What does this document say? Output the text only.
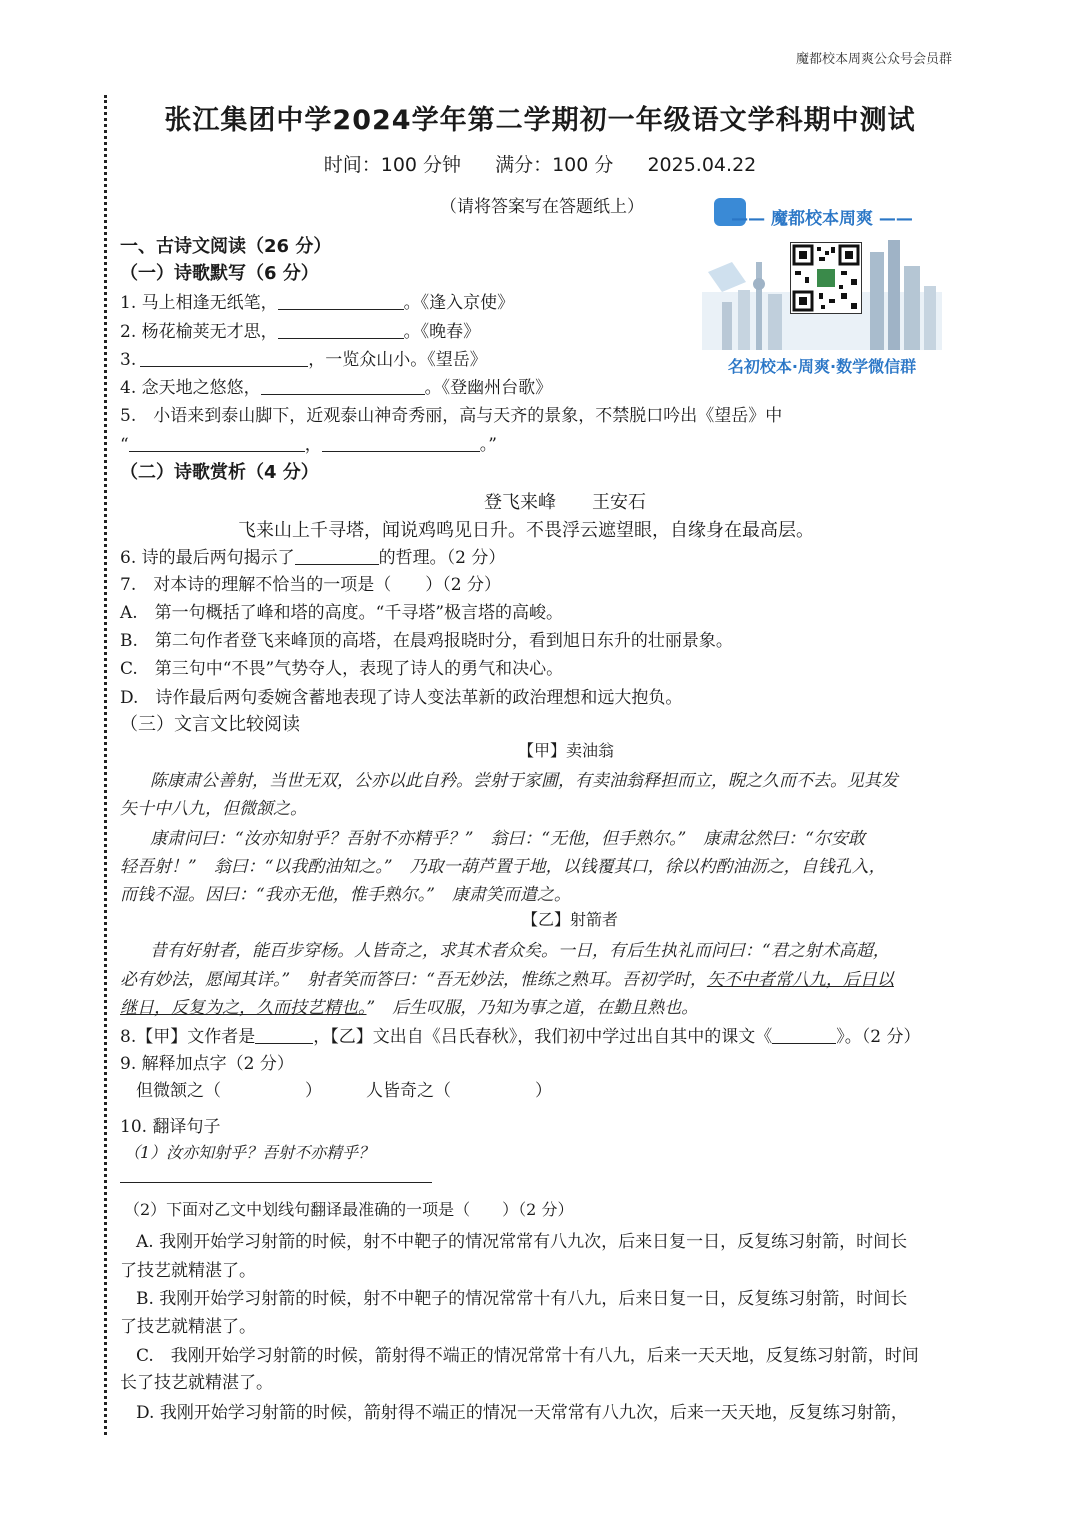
魔都校本周爽公众号会员群
张江集团中学2024学年第二学期初一年级语文学科期中测试
时间：100 分钟 满分：100 分 2025.04.22
（请将答案写在答题纸上）
—— 魔都校本周爽 ——
名初校本·周爽·数学微信群
一、古诗文阅读（26 分）
（一）诗歌默写（6 分）
1. 马上相逢无纸笔，	。《逢入京使》
2. 杨花榆荚无才思，	。《晚春》
3.	，一览众山小。《望岳》
4. 念天地之悠悠，	。《登幽州台歌》
5.　小语来到泰山脚下，近观泰山神奇秀丽，高与天齐的景象，不禁脱口吟出《望岳》中
“	，	。”
（二）诗歌赏析（4 分）
登飞来峰　　王安石
飞来山上千寻塔，闻说鸡鸣见日升。不畏浮云遮望眼，自缘身在最高层。
6. 诗的最后两句揭示了	的哲理。（2 分）
7.　对本诗的理解不恰当的一项是（　　）（2 分）
A.　第一句概括了峰和塔的高度。“千寻塔”极言塔的高峻。
B.　第二句作者登飞来峰顶的高塔，在晨鸡报晓时分，看到旭日东升的壮丽景象。
C.　第三句中“不畏”气势夺人，表现了诗人的勇气和决心。
D.　诗作最后两句委婉含蓄地表现了诗人变法革新的政治理想和远大抱负。
（三）文言文比较阅读
【甲】卖油翁
陈康肃公善射，当世无双，公亦以此自矜。尝射于家圃，有卖油翁释担而立，睨之久而不去。见其发
矢十中八九，但微颔之。
康肃问曰：“汝亦知射乎？吾射不亦精乎？”　翁曰：“无他，但手熟尔。”　康肃忿然曰：“尔安敢
轻吾射！”　翁曰：“以我酌油知之。”　乃取一葫芦置于地，以钱覆其口，徐以杓酌油沥之，自钱孔入，
而钱不湿。因曰：“我亦无他，惟手熟尔。”　康肃笑而遣之。
【乙】射箭者
昔有好射者，能百步穿杨。人皆奇之，求其术者众矣。一日，有后生执礼而问曰：“君之射术高超，
必有妙法，愿闻其详。”　射者笑而答曰：“吾无妙法，惟练之熟耳。吾初学时，矢不中者常八九，后日以
继日，反复为之，久而技艺精也。”　后生叹服，乃知为事之道，在勤且熟也。
8.【甲】文作者是	，【乙】文出自《吕氏春秋》，我们初中学过出自其中的课文《	》。（2 分）
9. 解释加点字（2 分）
但微颔之（	）	人皆奇之（	）
10. 翻译句子
（1）汝亦知射乎？吾射不亦精乎？
（2）下面对乙文中划线句翻译最准确的一项是（　　）（2 分）
A. 我刚开始学习射箭的时候，射不中靶子的情况常常有八九次，后来日复一日，反复练习射箭，时间长
了技艺就精湛了。
B. 我刚开始学习射箭的时候，射不中靶子的情况常常十有八九，后来日复一日，反复练习射箭，时间长
了技艺就精湛了。
C.　我刚开始学习射箭的时候，箭射得不端正的情况常常十有八九，后来一天天地，反复练习射箭，时间
长了技艺就精湛了。
D. 我刚开始学习射箭的时候，箭射得不端正的情况一天常常有八九次，后来一天天地，反复练习射箭，
